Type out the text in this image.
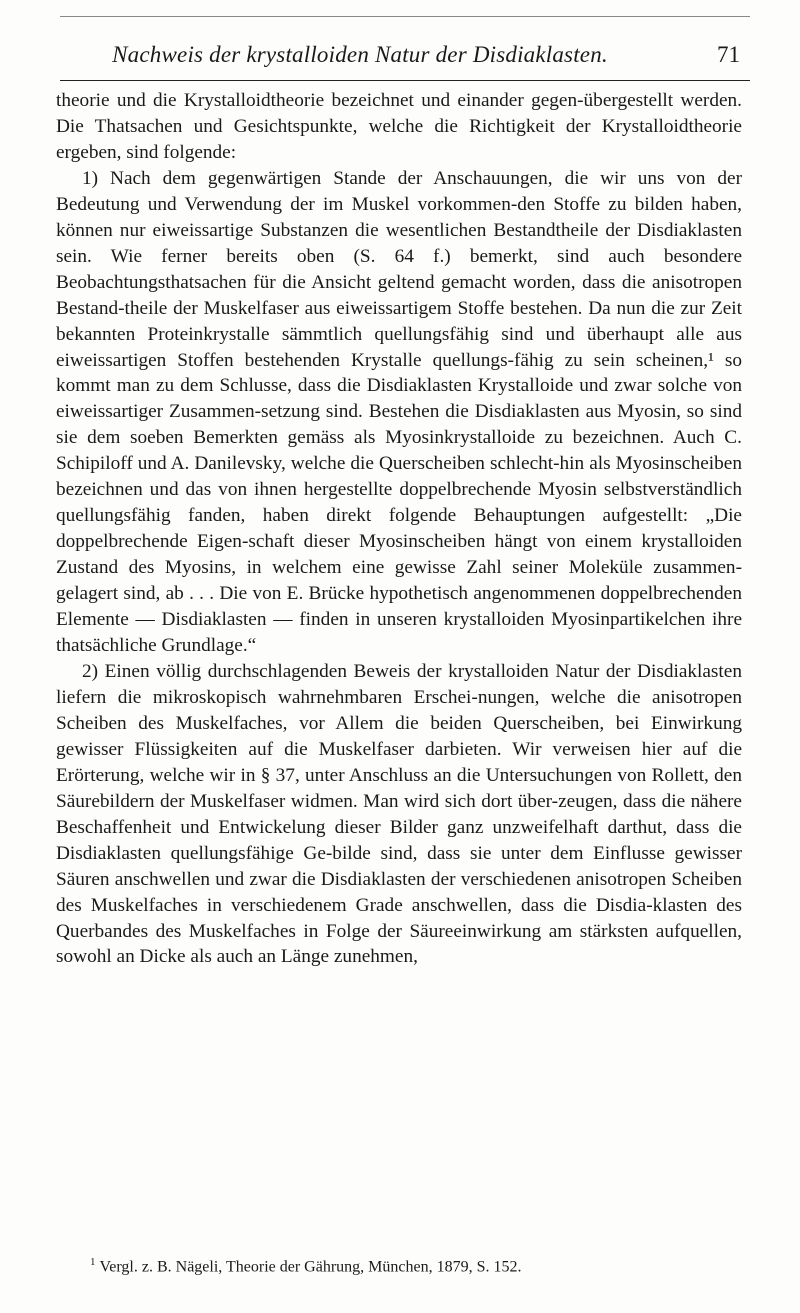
Nachweis der krystalloiden Natur der Disdiaklasten.	71

theorie und die Krystalloidtheorie bezeichnet und einander gegen-übergestellt werden. Die Thatsachen und Gesichtspunkte, welche die Richtigkeit der Krystalloidtheorie ergeben, sind folgende:

1) Nach dem gegenwärtigen Stande der Anschauungen, die wir uns von der Bedeutung und Verwendung der im Muskel vorkommen-den Stoffe zu bilden haben, können nur eiweissartige Substanzen die wesentlichen Bestandtheile der Disdiaklasten sein. Wie ferner bereits oben (S. 64 f.) bemerkt, sind auch besondere Beobachtungsthatsachen für die Ansicht geltend gemacht worden, dass die anisotropen Bestand-theile der Muskelfaser aus eiweissartigem Stoffe bestehen. Da nun die zur Zeit bekannten Proteinkrystalle sämmtlich quellungsfähig sind und überhaupt alle aus eiweissartigen Stoffen bestehenden Krystalle quellungs-fähig zu sein scheinen,¹ so kommt man zu dem Schlusse, dass die Disdiaklasten Krystalloide und zwar solche von eiweissartiger Zusammen-setzung sind. Bestehen die Disdiaklasten aus Myosin, so sind sie dem soeben Bemerkten gemäss als Myosinkrystalloide zu bezeichnen. Auch C. Schipiloff und A. Danilevsky, welche die Querscheiben schlecht-hin als Myosinscheiben bezeichnen und das von ihnen hergestellte doppelbrechende Myosin selbstverständlich quellungsfähig fanden, haben direkt folgende Behauptungen aufgestellt: „Die doppelbrechende Eigen-schaft dieser Myosinscheiben hängt von einem krystalloiden Zustand des Myosins, in welchem eine gewisse Zahl seiner Moleküle zusammen-gelagert sind, ab . . . Die von E. Brücke hypothetisch angenommenen doppelbrechenden Elemente — Disdiaklasten — finden in unseren krystalloiden Myosinpartikelchen ihre thatsächliche Grundlage.“

2) Einen völlig durchschlagenden Beweis der krystalloiden Natur der Disdiaklasten liefern die mikroskopisch wahrnehmbaren Erschei-nungen, welche die anisotropen Scheiben des Muskelfaches, vor Allem die beiden Querscheiben, bei Einwirkung gewisser Flüssigkeiten auf die Muskelfaser darbieten. Wir verweisen hier auf die Erörterung, welche wir in § 37, unter Anschluss an die Untersuchungen von Rollett, den Säurebildern der Muskelfaser widmen. Man wird sich dort über-zeugen, dass die nähere Beschaffenheit und Entwickelung dieser Bilder ganz unzweifelhaft darthut, dass die Disdiaklasten quellungsfähige Ge-bilde sind, dass sie unter dem Einflusse gewisser Säuren anschwellen und zwar die Disdiaklasten der verschiedenen anisotropen Scheiben des Muskelfaches in verschiedenem Grade anschwellen, dass die Disdia-klasten des Querbandes des Muskelfaches in Folge der Säureeinwirkung am stärksten aufquellen, sowohl an Dicke als auch an Länge zunehmen,

$^1$ Vergl. z. B. Nägeli, Theorie der Gährung, München, 1879, S. 152.
